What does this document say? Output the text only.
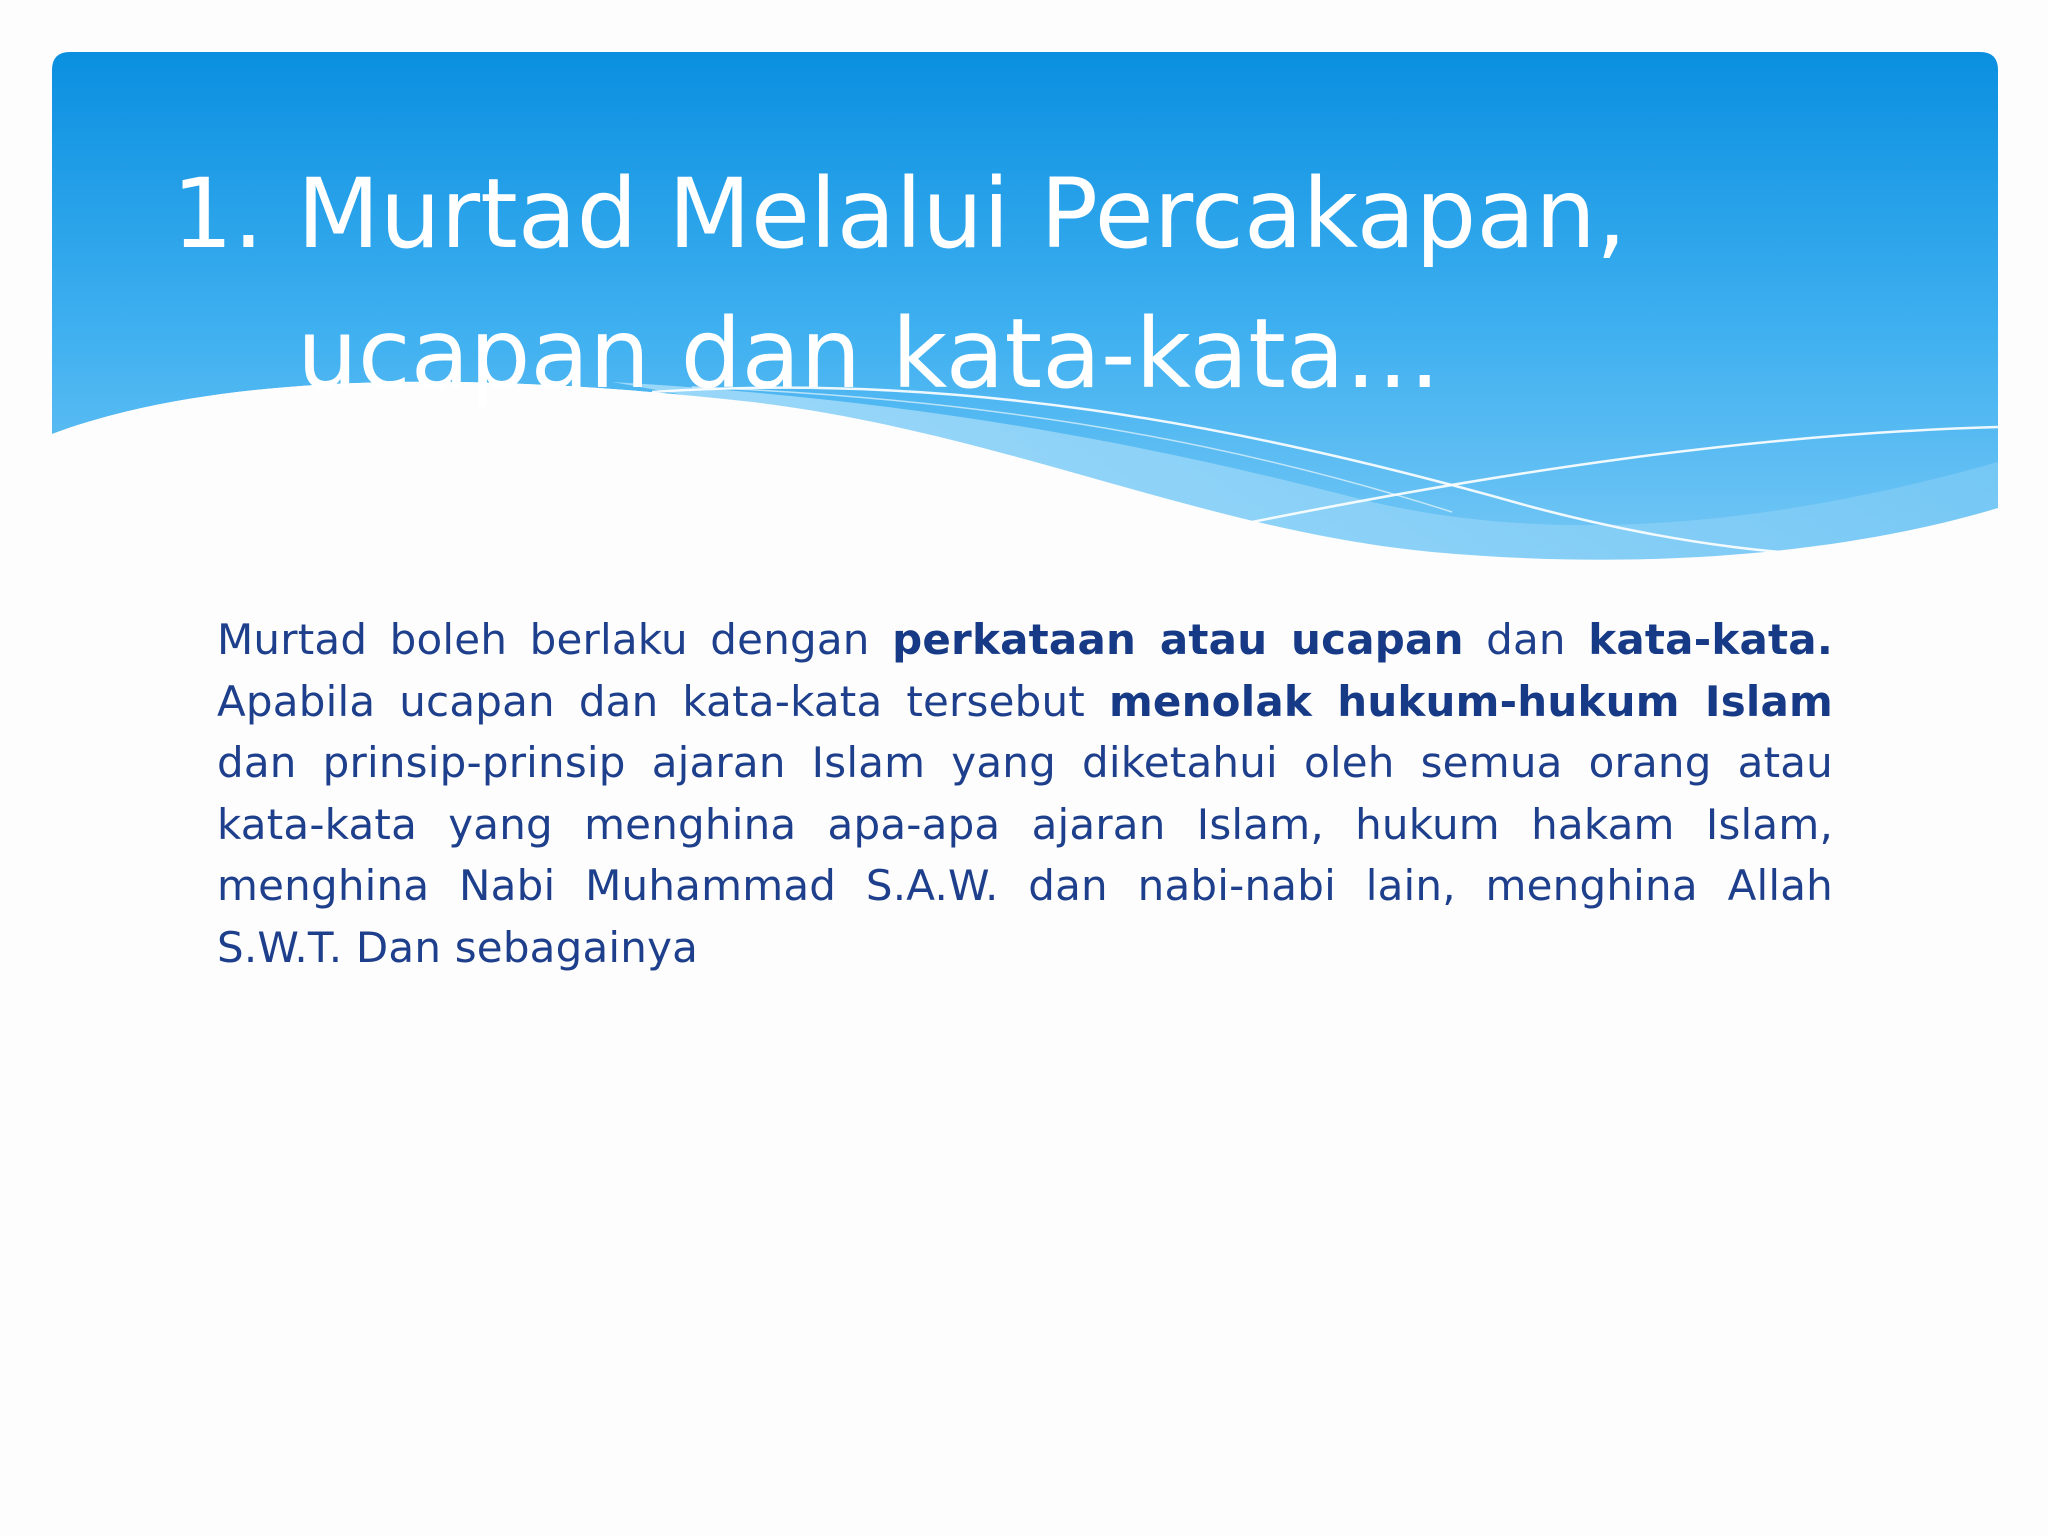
1. Murtad Melalui Percakapan,
ucapan dan kata-kata…

Murtad boleh berlaku dengan perkataan atau ucapan dan kata-kata. Apabila ucapan dan kata-kata tersebut menolak hukum-hukum Islam dan prinsip-prinsip ajaran Islam yang diketahui oleh semua orang atau kata-kata yang menghina apa-apa ajaran Islam, hukum hakam Islam, menghina Nabi Muhammad S.A.W. dan nabi-nabi lain, menghina Allah S.W.T. Dan sebagainya
